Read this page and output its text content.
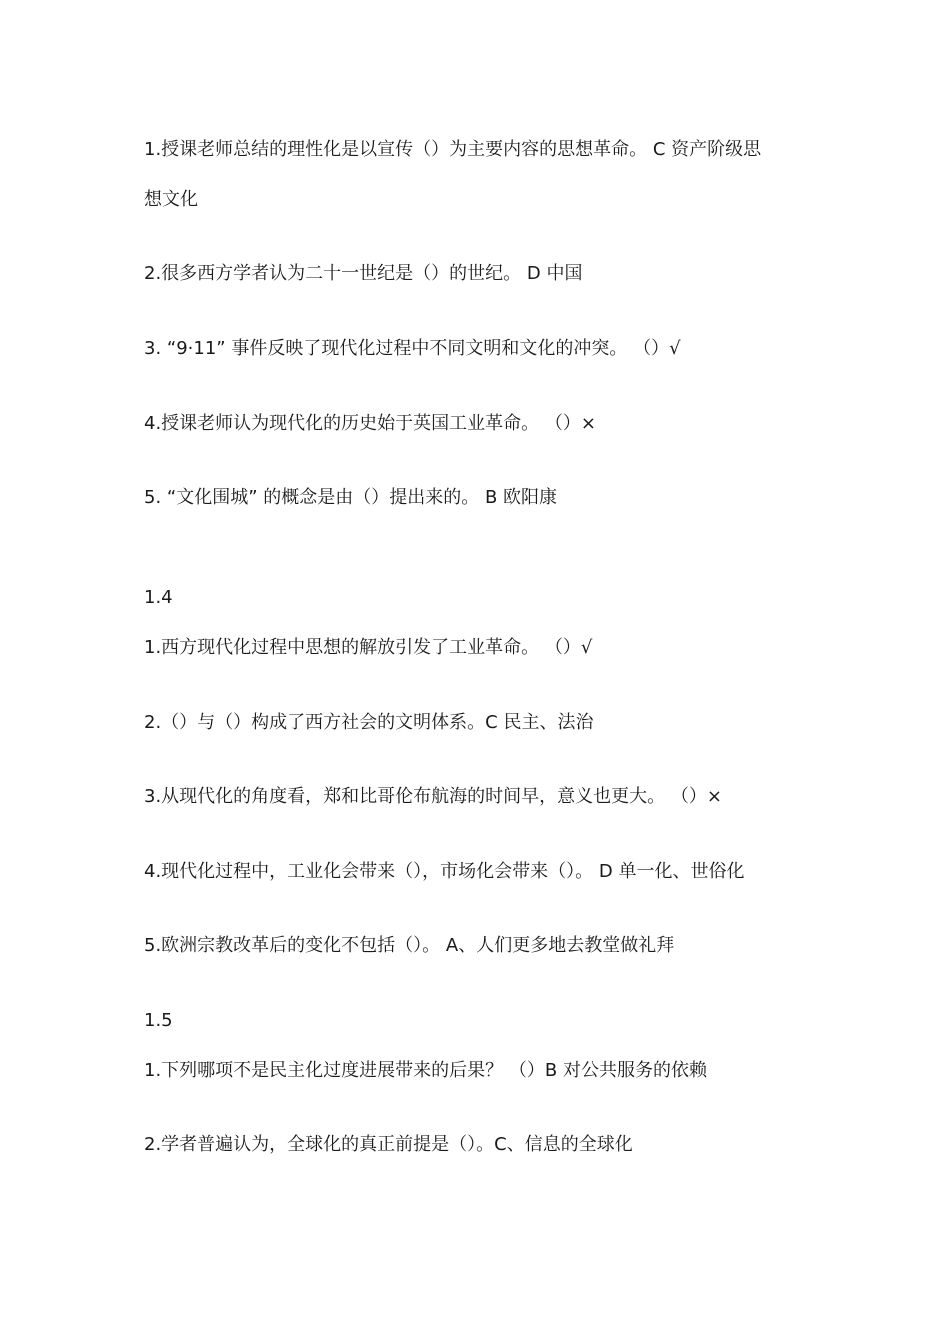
1.授课老师总结的理性化是以宣传（）为主要内容的思想革命。 C 资产阶级思
想文化
2.很多西方学者认为二十一世纪是（）的世纪。 D 中国
3. “9·11” 事件反映了现代化过程中不同文明和文化的冲突。 （）√
4.授课老师认为现代化的历史始于英国工业革命。 （）×
5. “文化围城” 的概念是由（）提出来的。 B 欧阳康
1.4
1.西方现代化过程中思想的解放引发了工业革命。 （）√
2.（）与（）构成了西方社会的文明体系。C 民主、法治
3.从现代化的角度看，郑和比哥伦布航海的时间早，意义也更大。 （）×
4.现代化过程中，工业化会带来（），市场化会带来（）。 D 单一化、世俗化
5.欧洲宗教改革后的变化不包括（）。 A、人们更多地去教堂做礼拜
1.5
1.下列哪项不是民主化过度进展带来的后果？ （）B 对公共服务的依赖
2.学者普遍认为，全球化的真正前提是（）。C、信息的全球化
